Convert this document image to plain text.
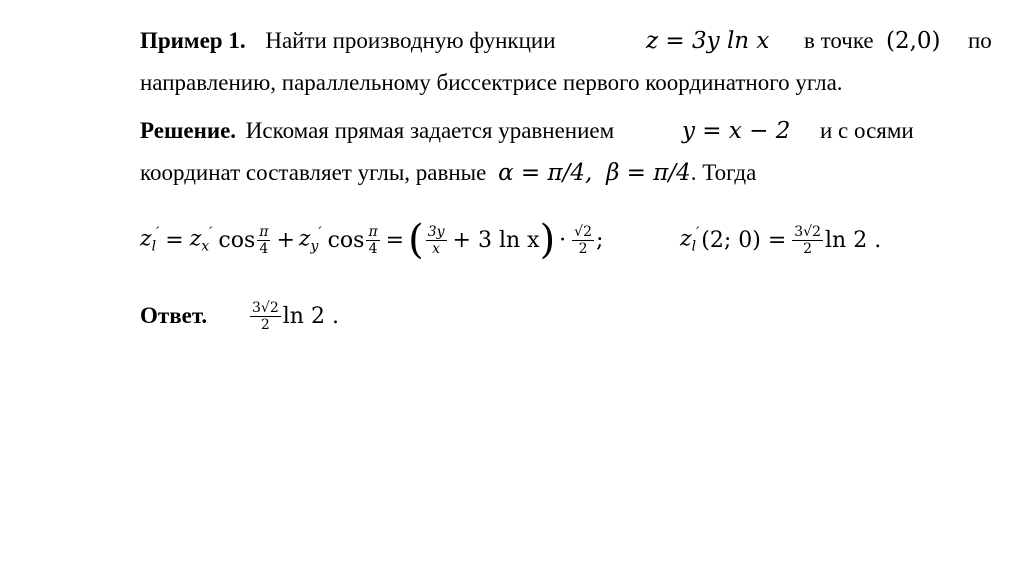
Пример 1. Найти производную функции	z = 3y ln x в точке (2,0) по
направлению, параллельному биссектрисе первого координатного угла.
Решение. Искомая прямая задается уравнением	y = x − 2 и с осями
координат составляет углы, равные α = π/4, β = π/4. Тогда
$z_l' = z_x'$ $\cos \frac{\pi}{4} + z_y'$ $\cos \frac{\pi}{4}$ = ( $\frac{3y}{x} + 3$ ln x ) · $\frac{√2}{2}$ ;	$z_l'$ (2; $0) = \frac{3√2}{2}$ ln 2 .
Ответ.	$\frac{3√2}{2}$ ln 2 .
